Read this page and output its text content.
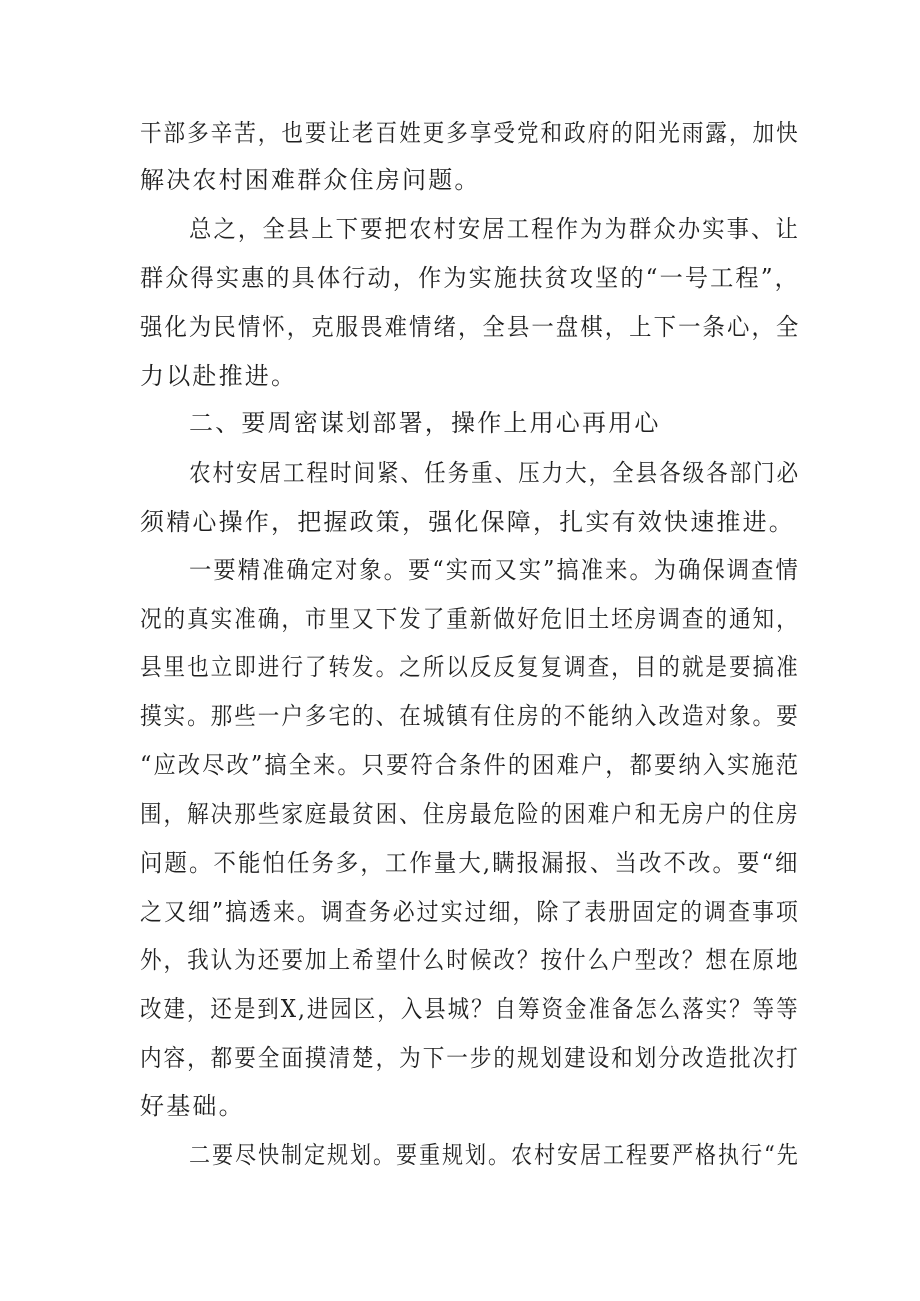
干部多辛苦，也要让老百姓更多享受党和政府的阳光雨露，加快
解决农村困难群众住房问题。
总之，全县上下要把农村安居工程作为为群众办实事、让
群众得实惠的具体行动，作为实施扶贫攻坚的“一号工程”，
强化为民情怀，克服畏难情绪，全县一盘棋，上下一条心，全
力以赴推进。
二、要周密谋划部署，操作上用心再用心
农村安居工程时间紧、任务重、压力大，全县各级各部门必
须精心操作，把握政策，强化保障，扎实有效快速推进。
一要精准确定对象。要“实而又实”搞准来。为确保调查情
况的真实准确，市里又下发了重新做好危旧土坯房调查的通知，
县里也立即进行了转发。之所以反反复复调查，目的就是要搞准
摸实。那些一户多宅的、在城镇有住房的不能纳入改造对象。要
“应改尽改”搞全来。只要符合条件的困难户，都要纳入实施范
围，解决那些家庭最贫困、住房最危险的困难户和无房户的住房
问题。不能怕任务多，工作量大,瞒报漏报、当改不改。要“细
之又细”搞透来。调查务必过实过细，除了表册固定的调查事项
外，我认为还要加上希望什么时候改？按什么户型改？想在原地
改建，还是到X,进园区，入县城？自筹资金准备怎么落实？等等
内容，都要全面摸清楚，为下一步的规划建设和划分改造批次打
好基础。
二要尽快制定规划。要重规划。农村安居工程要严格执行“先
